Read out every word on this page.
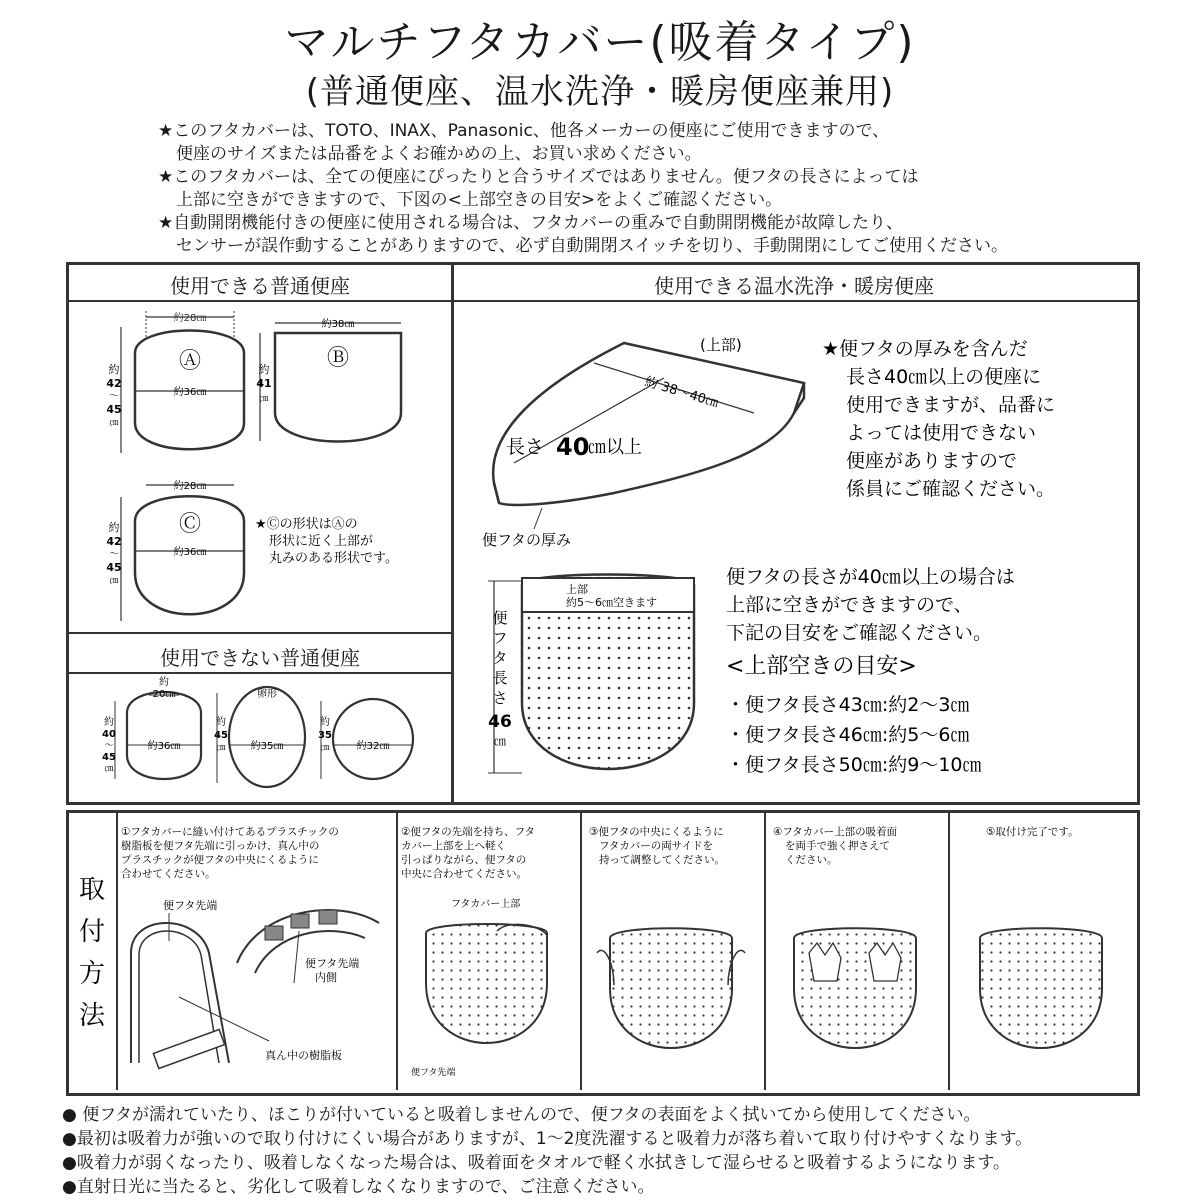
マルチフタカバー(吸着タイプ)
(普通便座、温水洗浄・暖房便座兼用)
★このフタカバーは、TOTO、INAX、Panasonic、他各メーカーの便座にご使用できますので、
便座のサイズまたは品番をよくお確かめの上、お買い求めください。
★このフタカバーは、全ての便座にぴったりと合うサイズではありません。便フタの長さによっては
上部に空きができますので、下図の<上部空きの目安>をよくご確認ください。
★自動開閉機能付きの便座に使用される場合は、フタカバーの重みで自動開閉機能が故障したり、
センサーが誤作動することがありますので、必ず自動開閉スイッチを切り、手動開閉にしてご使用ください。
使用できる普通便座	使用できる温水洗浄・暖房便座
使用できない普通便座
Ⓐ
約28㎝
約36㎝
約
42
〜
45
㎝
約38㎝
Ⓑ
約
41
㎝
約28㎝
Ⓒ
約36㎝
約
42
〜
45
㎝
★Ⓒの形状はⒶの
形状に近く上部が
丸みのある形状です。
約
20㎝
約36㎝
約
40
〜
45
㎝
卵形
約35㎝
約
45
㎝	約32㎝
約
35
㎝
約 38〜40㎝
(上部)
長さ 40
㎝以上
便フタの厚み
★便フタの厚みを含んだ
長さ40㎝以上の便座に
使用できますが、品番に
よっては使用できない
便座がありますので
係員にご確認ください。
上部
約5〜6㎝空きます
便
フ
タ
長
さ
46
㎝
便フタの長さが40㎝以上の場合は
上部に空きができますので、
下記の目安をご確認ください。
<上部空きの目安>
・便フタ長さ43㎝:約2〜3㎝
・便フタ長さ46㎝:約5〜6㎝
・便フタ長さ50㎝:約9〜10㎝
取
付
方
法
①フタカバーに縫い付けてあるプラスチックの
樹脂板を便フタ先端に引っかけ、真ん中の
プラスチックが便フタの中央にくるように
合わせてください。
便フタ先端
便フタ先端
内側
真ん中の樹脂板
②便フタの先端を持ち、フタ
カバー上部を上へ軽く
引っぱりながら、便フタの
中央に合わせてください。
フタカバー上部
便フタ先端
③便フタの中央にくるように
フタカバーの両サイドを
持って調整してください。
④フタカバー上部の吸着面
を両手で強く押さえて
ください。
⑤取付け完了です。
● 便フタが濡れていたり、ほこりが付いていると吸着しませんので、便フタの表面をよく拭いてから使用してください。
●最初は吸着力が強いので取り付けにくい場合がありますが、1〜2度洗濯すると吸着力が落ち着いて取り付けやすくなります。
●吸着力が弱くなったり、吸着しなくなった場合は、吸着面をタオルで軽く水拭きして湿らせると吸着するようになります。
●直射日光に当たると、劣化して吸着しなくなりますので、ご注意ください。
